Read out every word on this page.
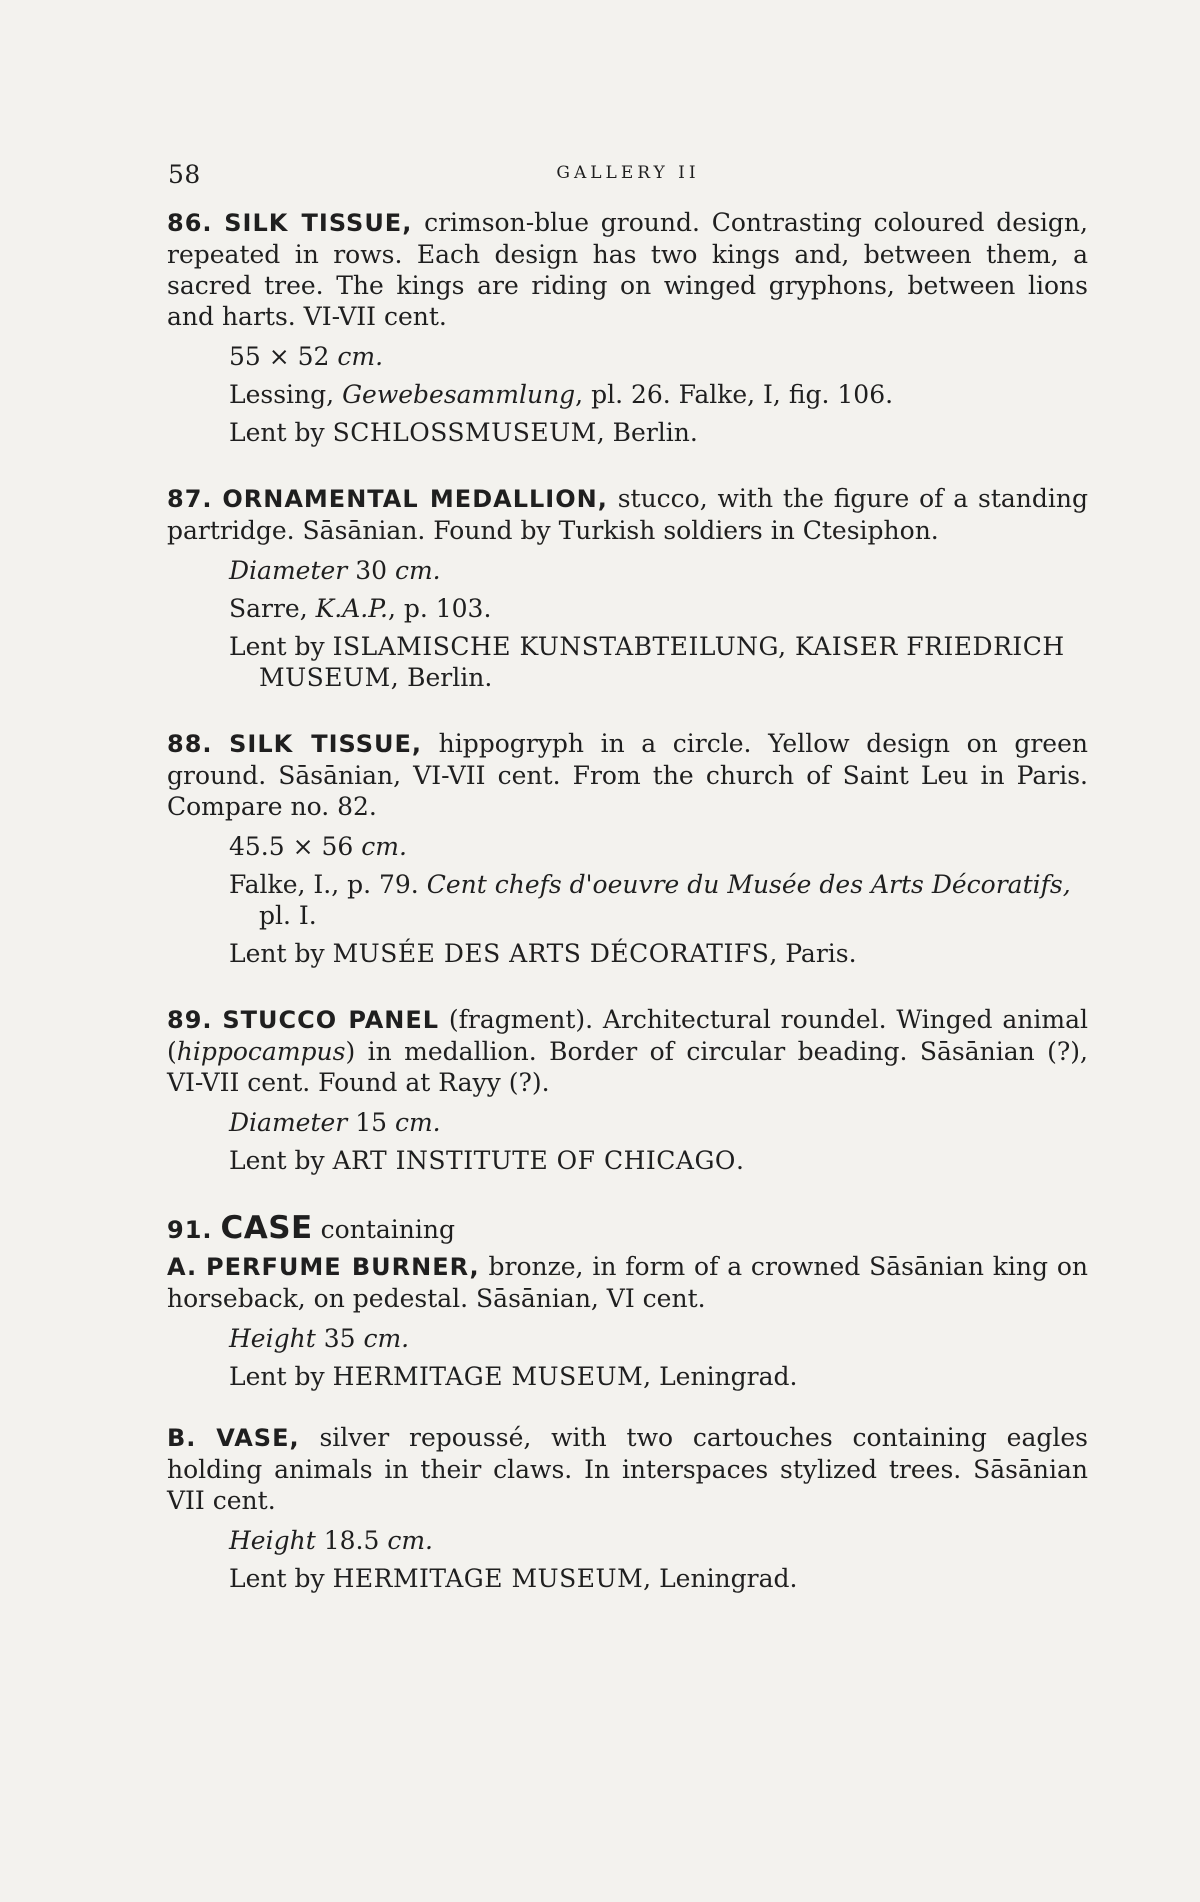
58	GALLERY II
86. SILK TISSUE, crimson-blue ground. Contrasting coloured design, repeated in rows. Each design has two kings and, between them, a sacred tree. The kings are riding on winged gryphons, between lions and harts. VI-VII cent.
55 × 52 cm.
Lessing, Gewebesammlung, pl. 26. Falke, I, fig. 106.
Lent by SCHLOSSMUSEUM, Berlin.
87. ORNAMENTAL MEDALLION, stucco, with the figure of a standing partridge. Sāsānian. Found by Turkish soldiers in Ctesiphon.
Diameter 30 cm.
Sarre, K.A.P., p. 103.
Lent by ISLAMISCHE KUNSTABTEILUNG, KAISER FRIEDRICH MUSEUM, Berlin.
88. SILK TISSUE, hippogryph in a circle. Yellow design on green ground. Sāsānian, VI-VII cent. From the church of Saint Leu in Paris. Compare no. 82.
45.5 × 56 cm.
Falke, I., p. 79. Cent chefs d'oeuvre du Musée des Arts Décoratifs, pl. I.
Lent by MUSÉE DES ARTS DÉCORATIFS, Paris.
89. STUCCO PANEL (fragment). Architectural roundel. Winged animal (hippocampus) in medallion. Border of circular beading. Sāsānian (?), VI-VII cent. Found at Rayy (?).
Diameter 15 cm.
Lent by ART INSTITUTE OF CHICAGO.
91. CASE containing
A. PERFUME BURNER, bronze, in form of a crowned Sāsānian king on horseback, on pedestal. Sāsānian, VI cent.
Height 35 cm.
Lent by HERMITAGE MUSEUM, Leningrad.
B. VASE, silver repoussé, with two cartouches containing eagles holding animals in their claws. In interspaces stylized trees. Sāsānian VII cent.
Height 18.5 cm.
Lent by HERMITAGE MUSEUM, Leningrad.
